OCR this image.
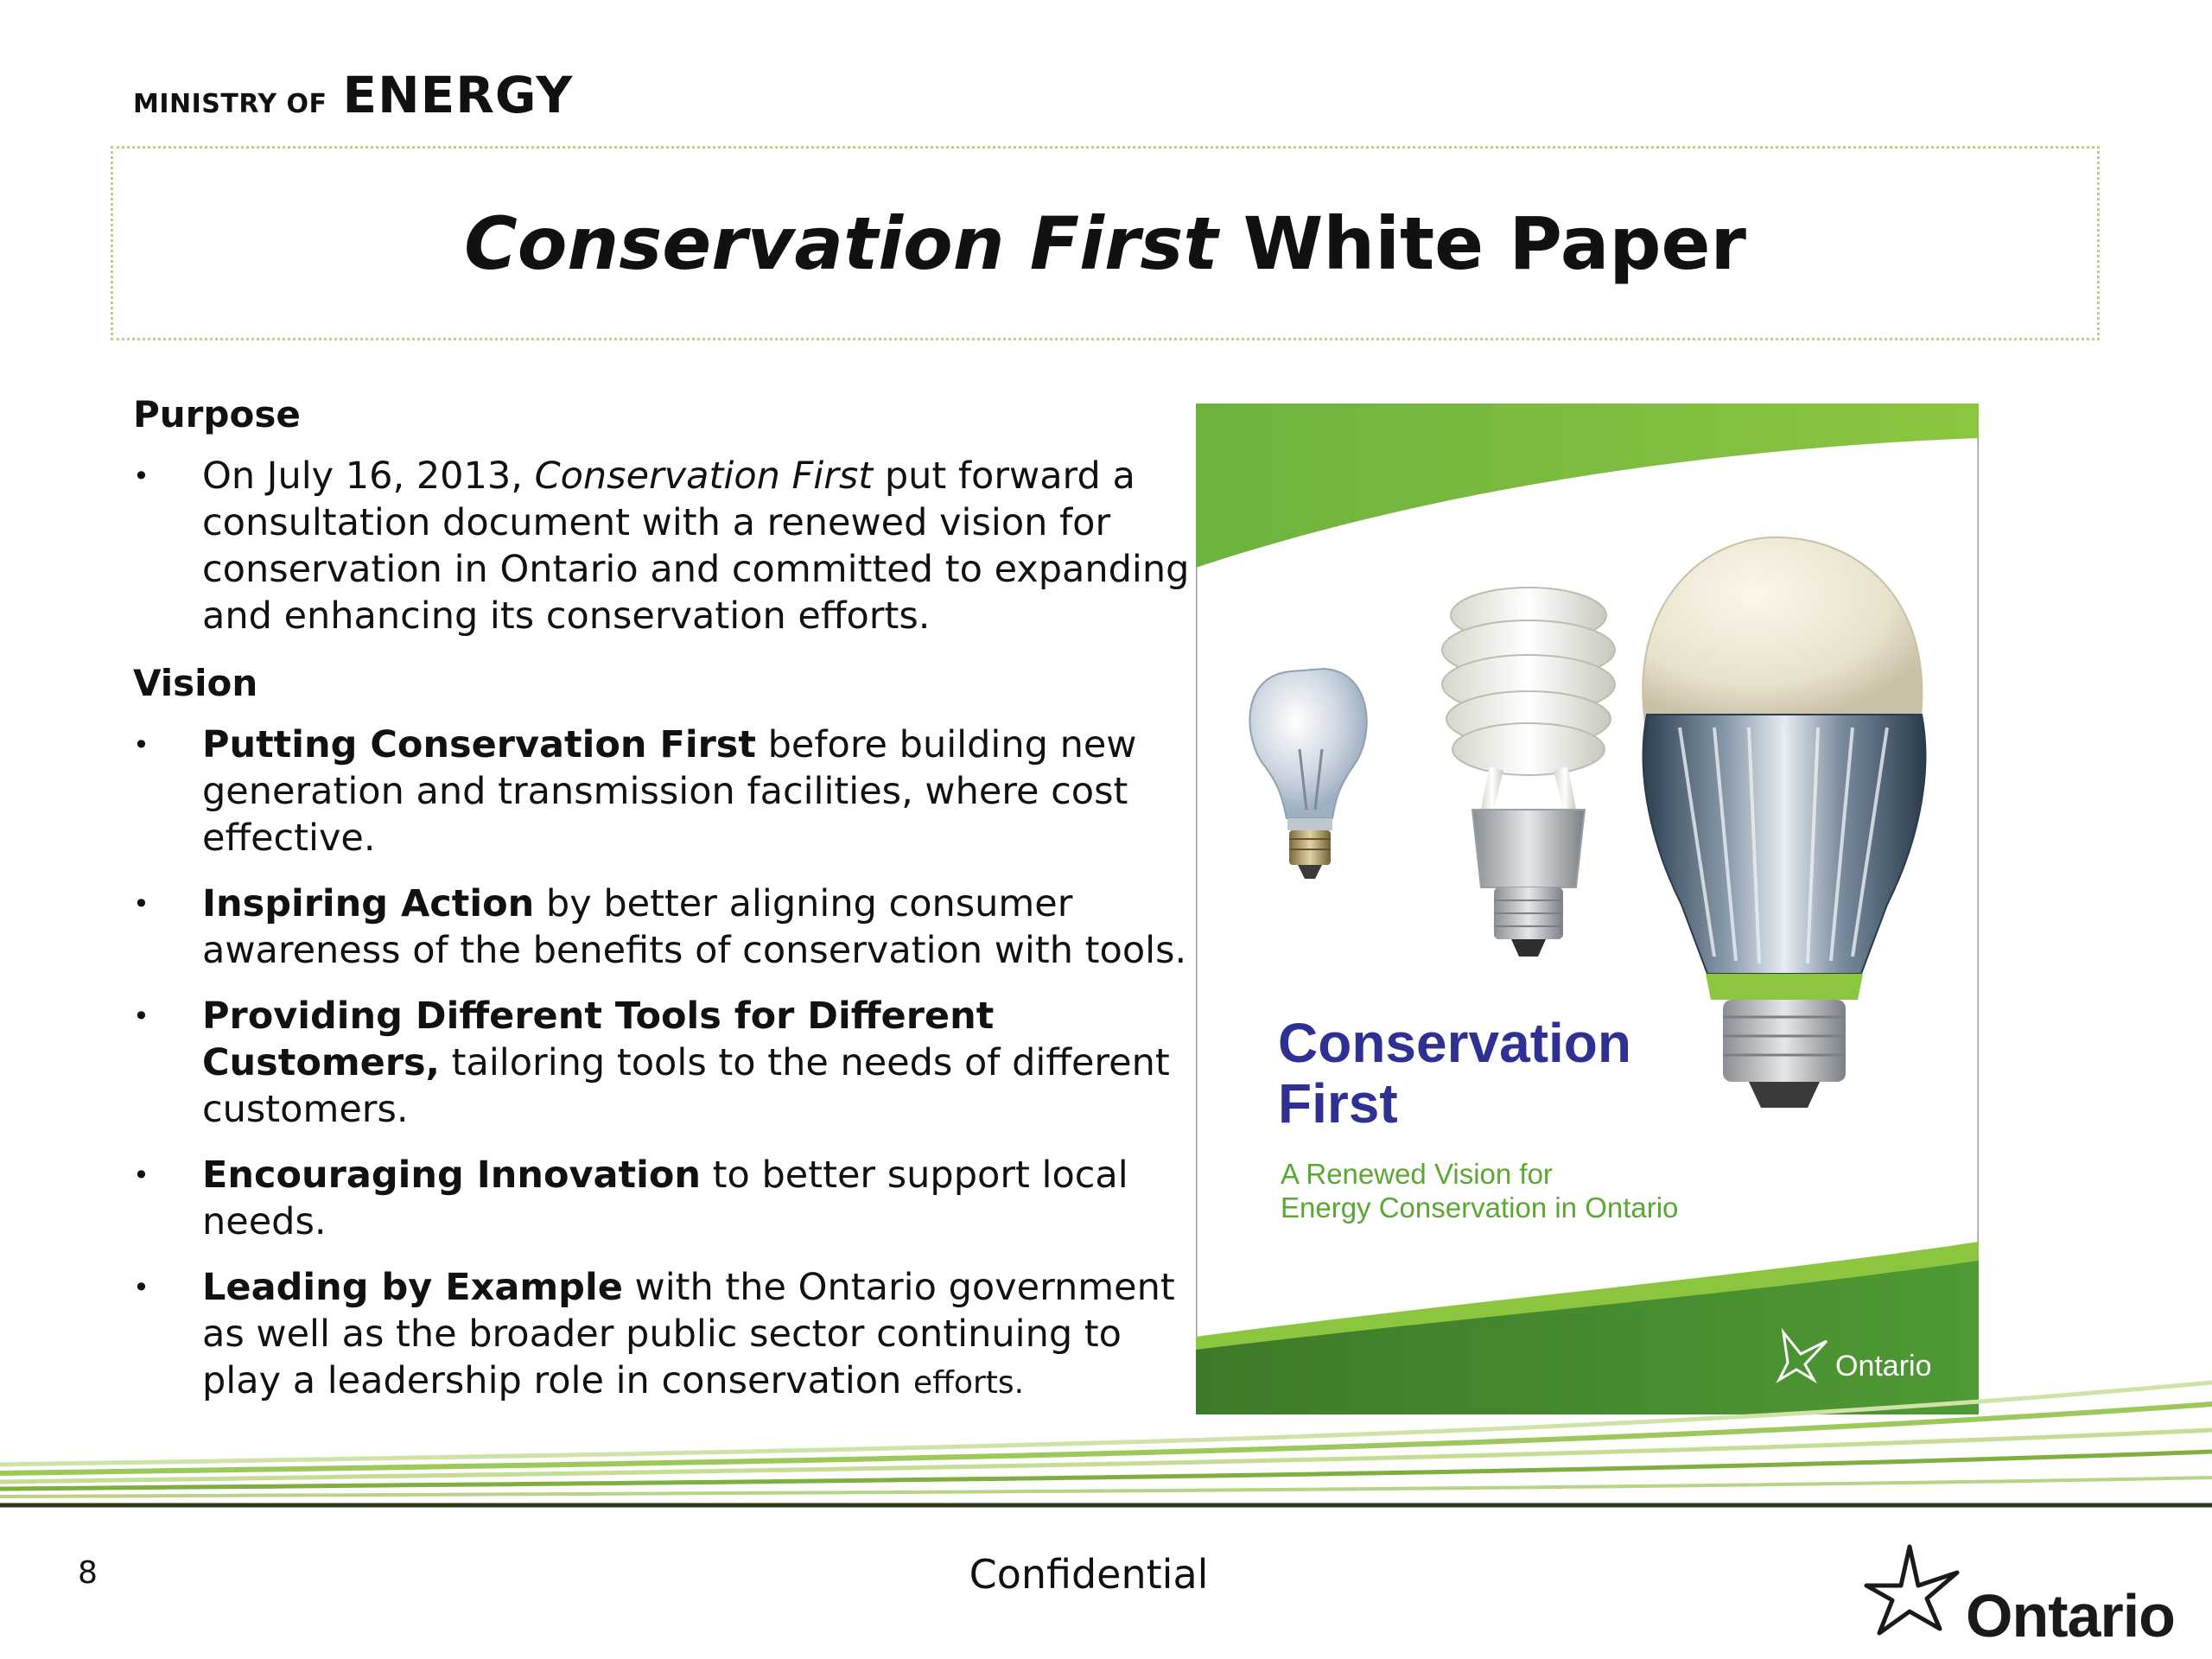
MINISTRY OF ENERGY
Conservation First White Paper
Purpose
• On July 16, 2013, Conservation First put forward a consultation document with a renewed vision for conservation in Ontario and committed to expanding and enhancing its conservation efforts.
Vision
• Putting Conservation First before building new generation and transmission facilities, where cost effective.
• Inspiring Action by better aligning consumer awareness of the benefits of conservation with tools.
• Providing Different Tools for Different Customers, tailoring tools to the needs of different customers.
• Encouraging Innovation to better support local needs.
• Leading by Example with the Ontario government as well as the broader public sector continuing to play a leadership role in conservation efforts.
Conservation
First
A Renewed Vision for
Energy Conservation in Ontario
Ontario
8	Confidential
Ontario
